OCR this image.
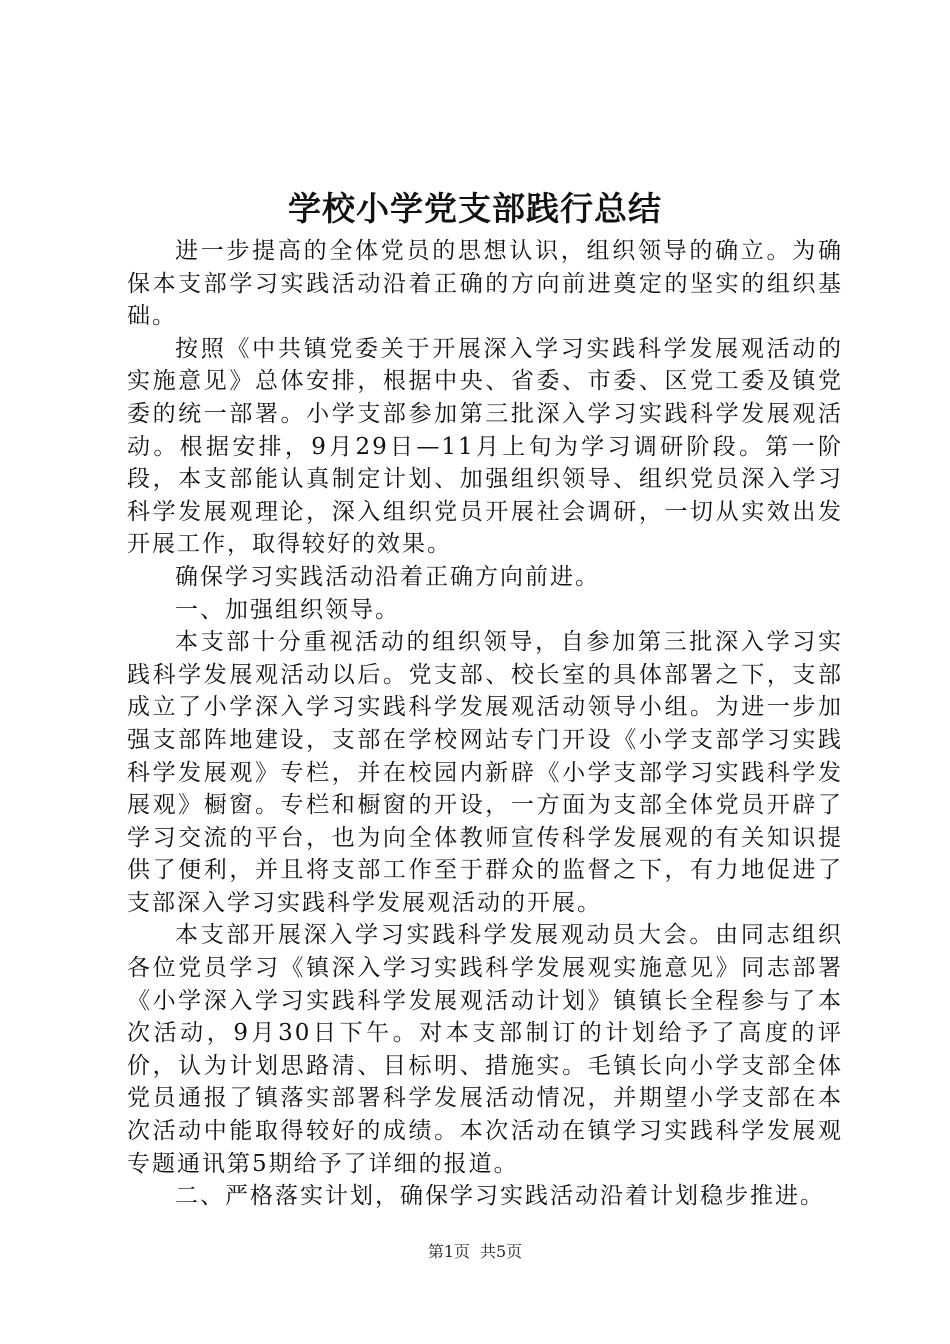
学校小学党支部践行总结

进一步提高的全体党员的思想认识，组织领导的确立。为确保本支部学习实践活动沿着正确的方向前进奠定的坚实的组织基础。

按照《中共镇党委关于开展深入学习实践科学发展观活动的实施意见》总体安排，根据中央、省委、市委、区党工委及镇党委的统一部署。小学支部参加第三批深入学习实践科学发展观活动。根据安排，9月29日—11月上旬为学习调研阶段。第一阶段，本支部能认真制定计划、加强组织领导、组织党员深入学习科学发展观理论，深入组织党员开展社会调研，一切从实效出发开展工作，取得较好的效果。

确保学习实践活动沿着正确方向前进。

一、加强组织领导。

本支部十分重视活动的组织领导，自参加第三批深入学习实践科学发展观活动以后。党支部、校长室的具体部署之下，支部成立了小学深入学习实践科学发展观活动领导小组。为进一步加强支部阵地建设，支部在学校网站专门开设《小学支部学习实践科学发展观》专栏，并在校园内新辟《小学支部学习实践科学发展观》橱窗。专栏和橱窗的开设，一方面为支部全体党员开辟了学习交流的平台，也为向全体教师宣传科学发展观的有关知识提供了便利，并且将支部工作至于群众的监督之下，有力地促进了支部深入学习实践科学发展观活动的开展。

本支部开展深入学习实践科学发展观动员大会。由同志组织各位党员学习《镇深入学习实践科学发展观实施意见》同志部署《小学深入学习实践科学发展观活动计划》镇镇长全程参与了本次活动，9月30日下午。对本支部制订的计划给予了高度的评价，认为计划思路清、目标明、措施实。毛镇长向小学支部全体党员通报了镇落实部署科学发展活动情况，并期望小学支部在本次活动中能取得较好的成绩。本次活动在镇学习实践科学发展观专题通讯第5期给予了详细的报道。

二、严格落实计划，确保学习实践活动沿着计划稳步推进。

第1页 共5页
